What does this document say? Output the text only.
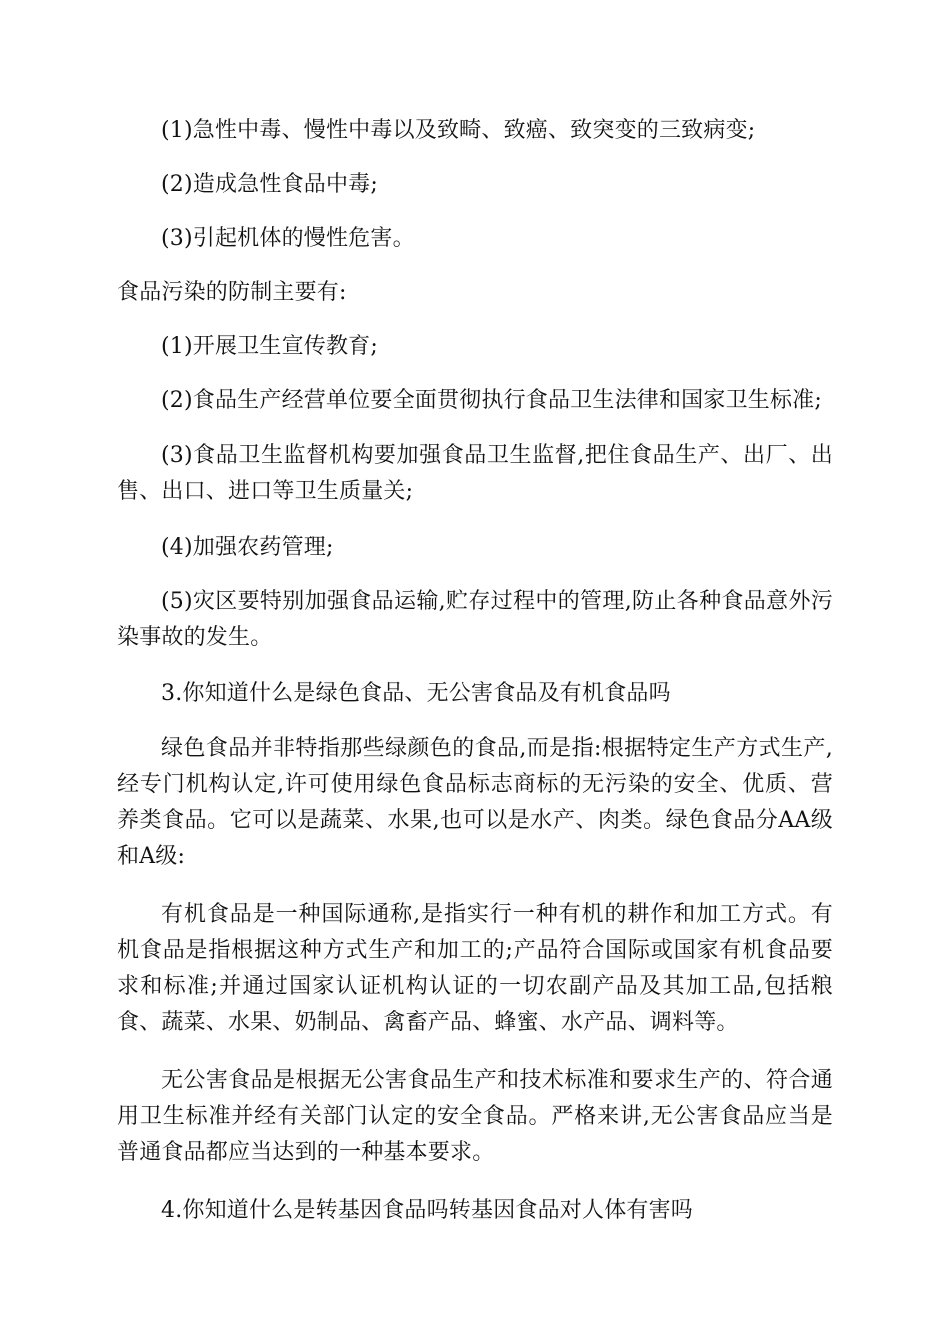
(1)急性中毒、慢性中毒以及致畸、致癌、致突变的三致病变;

(2)造成急性食品中毒;

(3)引起机体的慢性危害。

食品污染的防制主要有:

(1)开展卫生宣传教育;

(2)食品生产经营单位要全面贯彻执行食品卫生法律和国家卫生标准;

(3)食品卫生监督机构要加强食品卫生监督,把住食品生产、出厂、出售、出口、进口等卫生质量关;

(4)加强农药管理;

(5)灾区要特别加强食品运输,贮存过程中的管理,防止各种食品意外污染事故的发生。

3.你知道什么是绿色食品、无公害食品及有机食品吗

绿色食品并非特指那些绿颜色的食品,而是指:根据特定生产方式生产,经专门机构认定,许可使用绿色食品标志商标的无污染的安全、优质、营养类食品。它可以是蔬菜、水果,也可以是水产、肉类。绿色食品分AA级和A级:

有机食品是一种国际通称,是指实行一种有机的耕作和加工方式。有机食品是指根据这种方式生产和加工的;产品符合国际或国家有机食品要求和标准;并通过国家认证机构认证的一切农副产品及其加工品,包括粮食、蔬菜、水果、奶制品、禽畜产品、蜂蜜、水产品、调料等。

无公害食品是根据无公害食品生产和技术标准和要求生产的、符合通用卫生标准并经有关部门认定的安全食品。严格来讲,无公害食品应当是普通食品都应当达到的一种基本要求。

4.你知道什么是转基因食品吗转基因食品对人体有害吗
